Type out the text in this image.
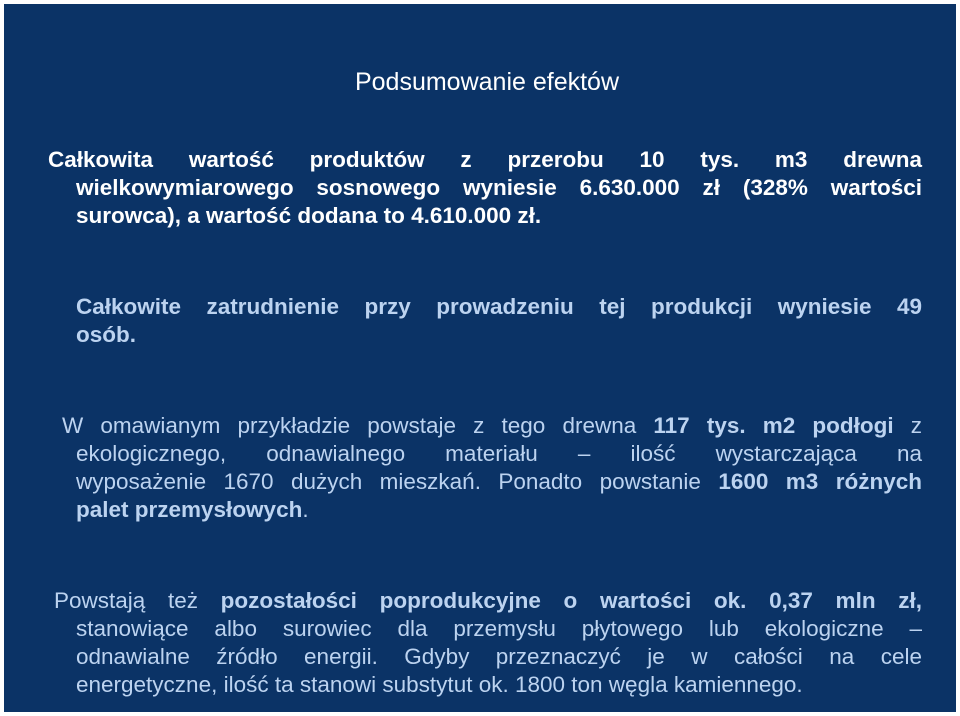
Podsumowanie efektów
Całkowita wartość produktów z przerobu 10 tys. m3 drewna
wielkowymiarowego sosnowego wyniesie 6.630.000 zł (328% wartości
surowca), a wartość dodana to 4.610.000 zł.
Całkowite zatrudnienie przy prowadzeniu tej produkcji wyniesie 49
osób.
W omawianym przykładzie powstaje z tego drewna 117 tys. m2 podłogi z
ekologicznego, odnawialnego materiału – ilość wystarczająca na
wyposażenie 1670 dużych mieszkań. Ponadto powstanie 1600 m3 różnych
palet przemysłowych.
Powstają też pozostałości poprodukcyjne o wartości ok. 0,37 mln zł,
stanowiące albo surowiec dla przemysłu płytowego lub ekologiczne –
odnawialne źródło energii. Gdyby przeznaczyć je w całości na cele
energetyczne, ilość ta stanowi substytut ok. 1800 ton węgla kamiennego.
